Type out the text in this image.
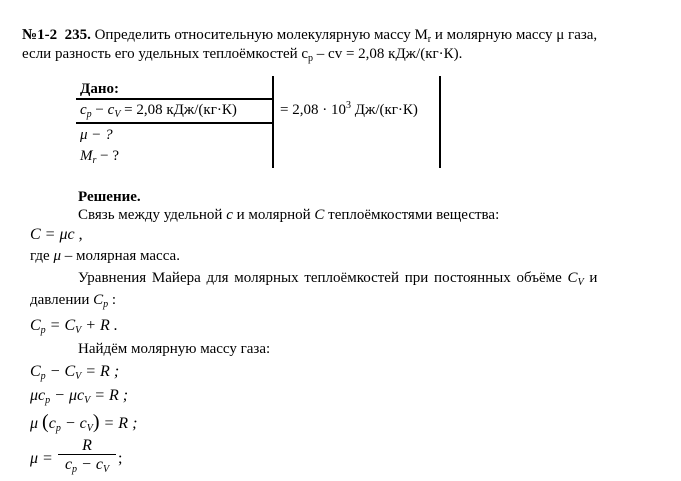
№1-2 235. Определить относительную молекулярную массу $M_r$ и молярную массу μ газа,
если разность его удельных теплоёмкостей $c_p$ – cv = 2,08 кДж/(кг·К).
Дано:
$c_p - c_V = 2,08$ кДж/(кг·К)
μ − ?
$M_r$ − ?
= $2,08 \cdot 10^3$ Дж/(кг·К)
Решение.
Связь между удельной c и молярной C теплоёмкостями вещества:
C = μc ,
где μ – молярная масса.
Уравнения Майера для молярных теплоёмкостей при постоянных объёме $C_V$ и
давлении $C_p$ :
$C_p = C_V + R$ .
Найдём молярную массу газа:
$C_p - C_V = R$ ;
$\mu c_p - \mu c_V = R$ ;
μ $(c_p - c_V) = R$ ;
$\mu = \frac{R}{c_p - c_V}$ ;
